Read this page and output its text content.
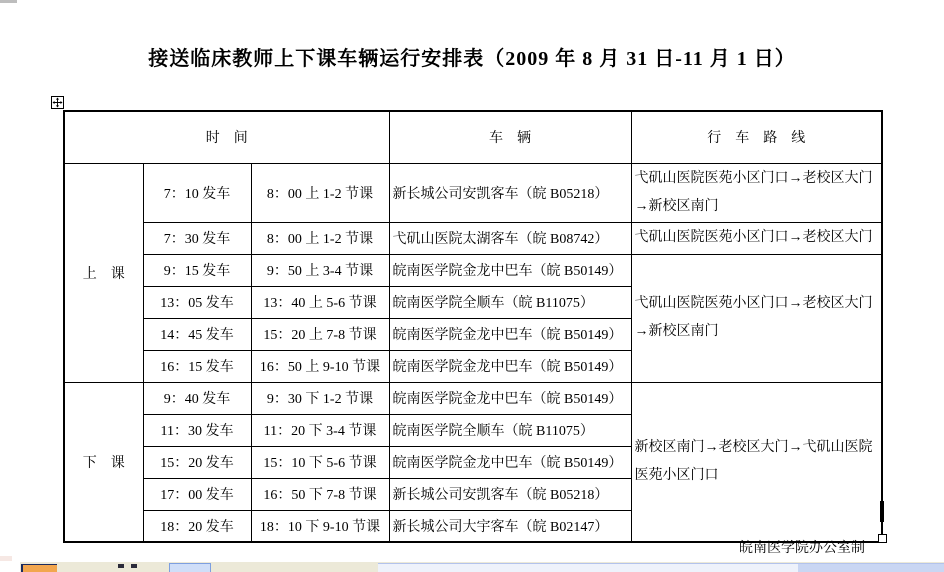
接送临床教师上下课车辆运行安排表（2009 年 8 月 31 日-11 月 1 日）
时　间			车　辆	行　车　路　线
上　课	7：10 发车	8：00 上 1-2 节课	新长城公司安凯客车（皖 B05218）	弋矶山医院医苑小区门口→老校区大门→新校区南门
	7：30 发车	8：00 上 1-2 节课	弋矶山医院太湖客车（皖 B08742）	弋矶山医院医苑小区门口→老校区大门
	9：15 发车	9：50 上 3-4 节课	皖南医学院金龙中巴车（皖 B50149）	弋矶山医院医苑小区门口→老校区大门→新校区南门
	13：05 发车	13：40 上 5-6 节课	皖南医学院全顺车（皖 B11075）	
	14：45 发车	15：20 上 7-8 节课	皖南医学院金龙中巴车（皖 B50149）	
	16：15 发车	16：50 上 9-10 节课	皖南医学院金龙中巴车（皖 B50149）	
下　课	9：40 发车	9：30 下 1-2 节课	皖南医学院金龙中巴车（皖 B50149）	新校区南门→老校区大门→弋矶山医院医苑小区门口
	11：30 发车	11：20 下 3-4 节课	皖南医学院全顺车（皖 B11075）	
	15：20 发车	15：10 下 5-6 节课	皖南医学院金龙中巴车（皖 B50149）	
	17：00 发车	16：50 下 7-8 节课	新长城公司安凯客车（皖 B05218）	
	18：20 发车	18：10 下 9-10 节课	新长城公司大宇客车（皖 B02147）	
皖南医学院办公室制
